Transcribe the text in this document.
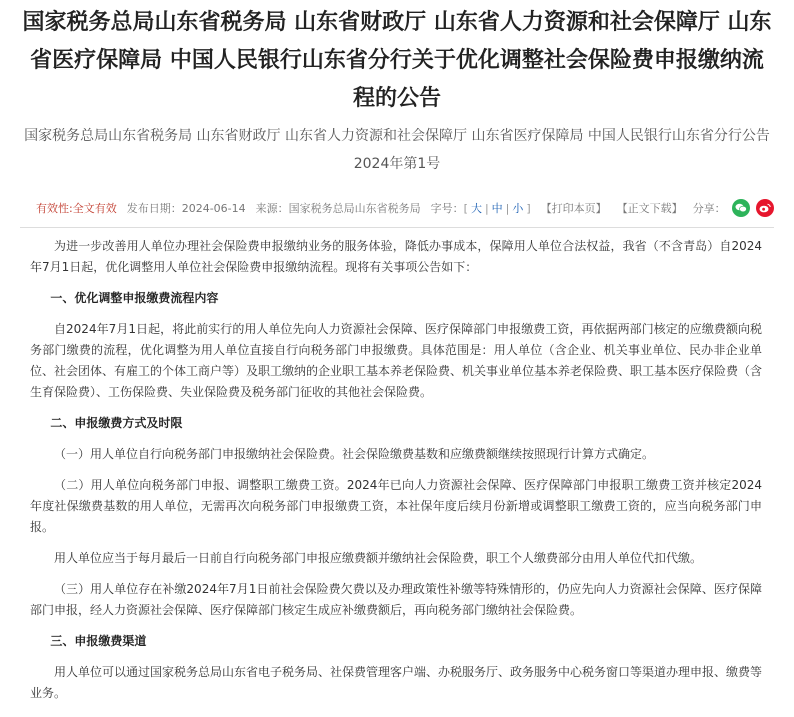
国家税务总局山东省税务局 山东省财政厅 山东省人力资源和社会保障厅 山东省医疗保障局 中国人民银行山东省分行关于优化调整社会保险费申报缴纳流程的公告
国家税务总局山东省税务局 山东省财政厅 山东省人力资源和社会保障厅 山东省医疗保障局 中国人民银行山东省分行公告2024年第1号
有效性: 全文有效 发布日期：2024-06-14 来源：国家税务总局山东省税务局 字号：[ 大 | 中 | 小 ] 【打印本页】 【正文下载】 分享：

为进一步改善用人单位办理社会保险费申报缴纳业务的服务体验，降低办事成本，保障用人单位合法权益，我省（不含青岛）自2024年7月1日起，优化调整用人单位社会保险费申报缴纳流程。现将有关事项公告如下：

一、优化调整申报缴费流程内容

自2024年7月1日起，将此前实行的用人单位先向人力资源社会保障、医疗保障部门申报缴费工资，再依据两部门核定的应缴费额向税务部门缴费的流程，优化调整为用人单位直接自行向税务部门申报缴费。具体范围是：用人单位（含企业、机关事业单位、民办非企业单位、社会团体、有雇工的个体工商户等）及职工缴纳的企业职工基本养老保险费、机关事业单位基本养老保险费、职工基本医疗保险费（含生育保险费）、工伤保险费、失业保险费及税务部门征收的其他社会保险费。

二、申报缴费方式及时限

（一）用人单位自行向税务部门申报缴纳社会保险费。社会保险缴费基数和应缴费额继续按照现行计算方式确定。

（二）用人单位向税务部门申报、调整职工缴费工资。2024年已向人力资源社会保障、医疗保障部门申报职工缴费工资并核定2024年度社保缴费基数的用人单位，无需再次向税务部门申报缴费工资，本社保年度后续月份新增或调整职工缴费工资的，应当向税务部门申报。

用人单位应当于每月最后一日前自行向税务部门申报应缴费额并缴纳社会保险费，职工个人缴费部分由用人单位代扣代缴。

（三）用人单位存在补缴2024年7月1日前社会保险费欠费以及办理政策性补缴等特殊情形的，仍应先向人力资源社会保障、医疗保障部门申报，经人力资源社会保障、医疗保障部门核定生成应补缴费额后，再向税务部门缴纳社会保险费。

三、申报缴费渠道

用人单位可以通过国家税务总局山东省电子税务局、社保费管理客户端、办税服务厅、政务服务中心税务窗口等渠道办理申报、缴费等业务。
